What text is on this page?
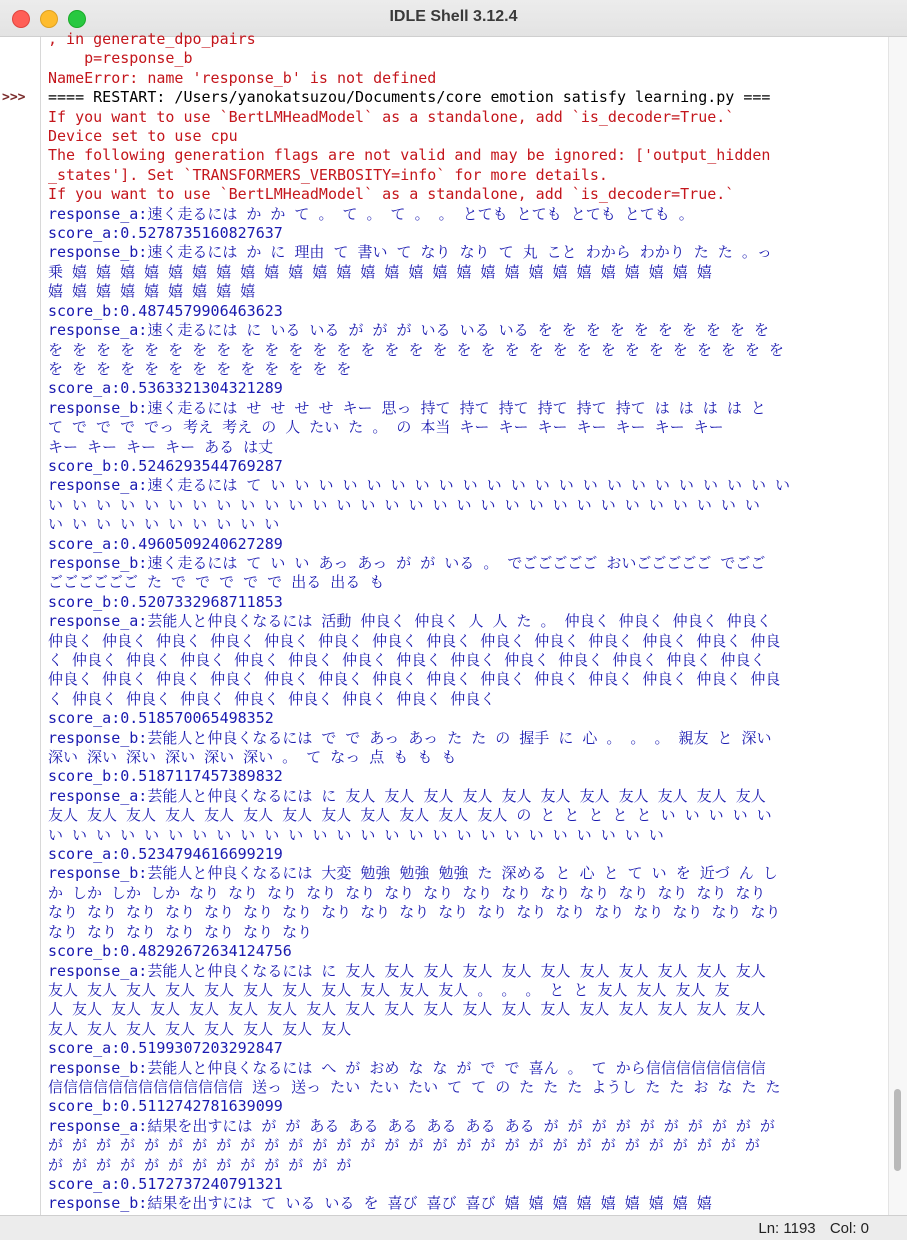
IDLE Shell 3.12.4
>>>
, in generate_dpo_pairs
p=response_b
NameError: name 'response_b' is not defined
==== RESTART: /Users/yanokatsuzou/Documents/core emotion satisfy learning.py ===
If you want to use `BertLMHeadModel` as a standalone, add `is_decoder=True.`
Device set to use cpu
The following generation flags are not valid and may be ignored: ['output_hidden
_states']. Set `TRANSFORMERS_VERBOSITY=info` for more details.
If you want to use `BertLMHeadModel` as a standalone, add `is_decoder=True.`
response_a:速く走るには か か て 。 て 。 て 。 。 とても とても とても とても 。
score_a:0.5278735160827637
response_b:速く走るには か に 理由 て 書い て なり なり て 丸 こと わから わかり た た 。っ
乗 嬉 嬉 嬉 嬉 嬉 嬉 嬉 嬉 嬉 嬉 嬉 嬉 嬉 嬉 嬉 嬉 嬉 嬉 嬉 嬉 嬉 嬉 嬉 嬉 嬉 嬉 嬉
嬉 嬉 嬉 嬉 嬉 嬉 嬉 嬉 嬉
score_b:0.4874579906463623
response_a:速く走るには に いる いる が が が いる いる いる を を を を を を を を を を
を を を を を を を を を を を を を を を を を を を を を を を を を を を を を を を
を を を を を を を を を を を を を
score_a:0.5363321304321289
response_b:速く走るには せ せ せ せ キー 思っ 持て 持て 持て 持て 持て 持て は は は は と
て で で で でっ 考え 考え の 人 たい た 。 の 本当 キー キー キー キー キー キー キー
キー キー キー キー ある は丈
score_b:0.5246293544769287
response_a:速く走るには て い い い い い い い い い い い い い い い い い い い い い い
い い い い い い い い い い い い い い い い い い い い い い い い い い い い い い
い い い い い い い い い い
score_a:0.4960509240627289
response_b:速く走るには て い い あっ あっ が が いる 。 でごごごごご おいごごごごご でごご
ごごごごごご た で で で で で 出る 出る も
score_b:0.5207332968711853
response_a:芸能人と仲良くなるには 活動 仲良く 仲良く 人 人 た 。 仲良く 仲良く 仲良く 仲良く
仲良く 仲良く 仲良く 仲良く 仲良く 仲良く 仲良く 仲良く 仲良く 仲良く 仲良く 仲良く 仲良く 仲良
く 仲良く 仲良く 仲良く 仲良く 仲良く 仲良く 仲良く 仲良く 仲良く 仲良く 仲良く 仲良く 仲良く
仲良く 仲良く 仲良く 仲良く 仲良く 仲良く 仲良く 仲良く 仲良く 仲良く 仲良く 仲良く 仲良く 仲良
く 仲良く 仲良く 仲良く 仲良く 仲良く 仲良く 仲良く 仲良く
score_a:0.518570065498352
response_b:芸能人と仲良くなるには で で あっ あっ た た の 握手 に 心 。 。 。 親友 と 深い
深い 深い 深い 深い 深い 深い 。 て なっ 点 も も も
score_b:0.5187117457389832
response_a:芸能人と仲良くなるには に 友人 友人 友人 友人 友人 友人 友人 友人 友人 友人 友人
友人 友人 友人 友人 友人 友人 友人 友人 友人 友人 友人 友人 の と と と と と い い い い い
い い い い い い い い い い い い い い い い い い い い い い い い い い
score_a:0.5234794616699219
response_b:芸能人と仲良くなるには 大変 勉強 勉強 勉強 た 深める と 心 と て い を 近づ ん し
か しか しか しか なり なり なり なり なり なり なり なり なり なり なり なり なり なり なり
なり なり なり なり なり なり なり なり なり なり なり なり なり なり なり なり なり なり なり
なり なり なり なり なり なり なり
score_b:0.48292672634124756
response_a:芸能人と仲良くなるには に 友人 友人 友人 友人 友人 友人 友人 友人 友人 友人 友人
友人 友人 友人 友人 友人 友人 友人 友人 友人 友人 友人 。 。 。 と と 友人 友人 友人 友
人 友人 友人 友人 友人 友人 友人 友人 友人 友人 友人 友人 友人 友人 友人 友人 友人 友人 友人
友人 友人 友人 友人 友人 友人 友人 友人
score_a:0.5199307203292847
response_b:芸能人と仲良くなるには へ が おめ な な が で で 喜ん 。 て から信信信信信信信信
信信信信信信信信信信信信信 送っ 送っ たい たい たい て て の た た た ようし た た お な た た
score_b:0.5112742781639099
response_a:結果を出すには が が ある ある ある ある ある ある が が が が が が が が が が
が が が が が が が が が が が が が が が が が が が が が が が が が が が が が が
が が が が が が が が が が が が が
score_a:0.5172737240791321
response_b:結果を出すには て いる いる を 喜び 喜び 喜び 嬉 嬉 嬉 嬉 嬉 嬉 嬉 嬉 嬉
Ln: 1193 Col: 0
